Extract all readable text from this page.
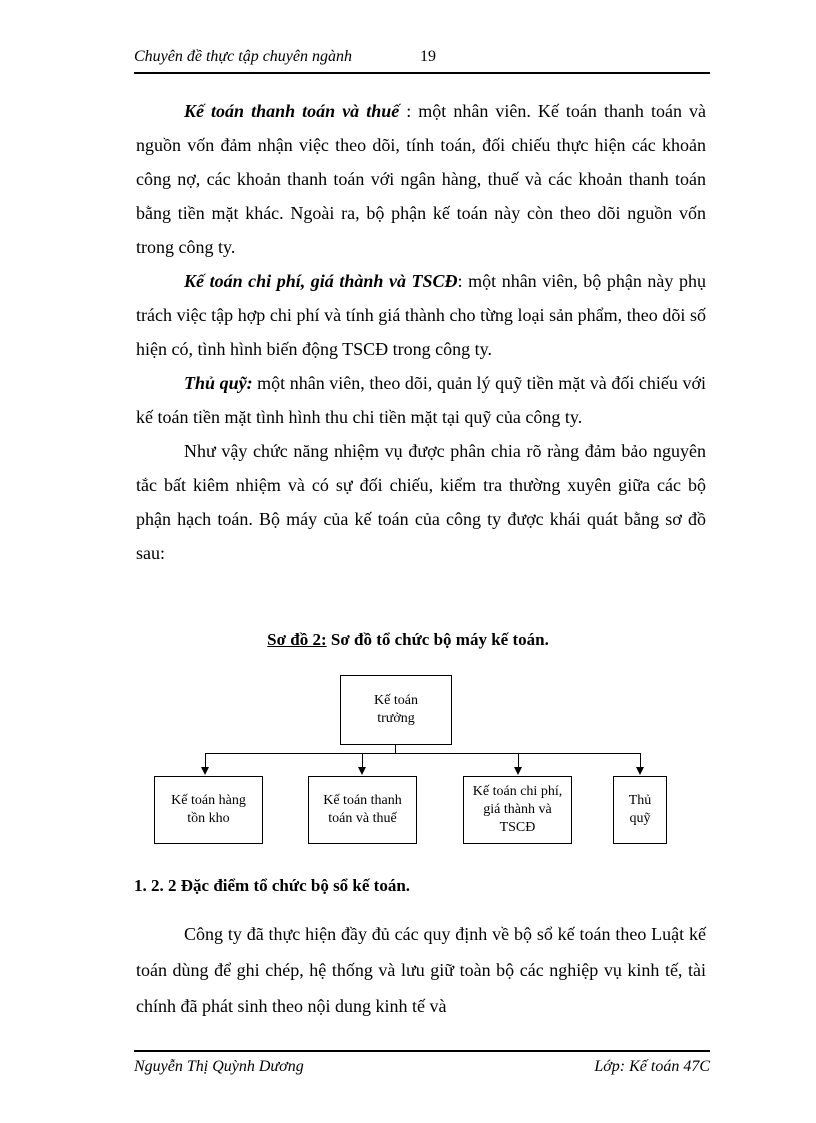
Chuyên đề thực tập chuyên ngành	19

Kế toán thanh toán và thuế : một nhân viên. Kế toán thanh toán và nguồn vốn đảm nhận việc theo dõi, tính toán, đối chiếu thực hiện các khoản công nợ, các khoản thanh toán với ngân hàng, thuế và các khoản thanh toán bằng tiền mặt khác. Ngoài ra, bộ phận kế toán này còn theo dõi nguồn vốn trong công ty.

Kế toán chi phí, giá thành và TSCĐ: một nhân viên, bộ phận này phụ trách việc tập hợp chi phí và tính giá thành cho từng loại sản phẩm, theo dõi số hiện có, tình hình biến động TSCĐ trong công ty.

Thủ quỹ: một nhân viên, theo dõi, quản lý quỹ tiền mặt và đối chiếu với kế toán tiền mặt tình hình thu chi tiền mặt tại quỹ của công ty.

Như vậy chức năng nhiệm vụ được phân chia rõ ràng đảm bảo nguyên tắc bất kiêm nhiệm và có sự đối chiếu, kiểm tra thường xuyên giữa các bộ phận hạch toán. Bộ máy của kế toán của công ty được khái quát bằng sơ đồ sau:

Sơ đồ 2: Sơ đồ tổ chức bộ máy kế toán.
Kế toán trưởng
Kế toán hàng tồn kho
Kế toán thanh toán và thuế
Kế toán chi phí, giá thành và TSCĐ
Thủ quỹ
1. 2. 2 Đặc điểm tổ chức bộ sổ kế toán.

Công ty đã thực hiện đầy đủ các quy định về bộ sổ kế toán theo Luật kế toán dùng để ghi chép, hệ thống và lưu giữ toàn bộ các nghiệp vụ kinh tế, tài chính đã phát sinh theo nội dung kinh tế và

Nguyễn Thị Quỳnh Dương	Lớp: Kế toán 47C
